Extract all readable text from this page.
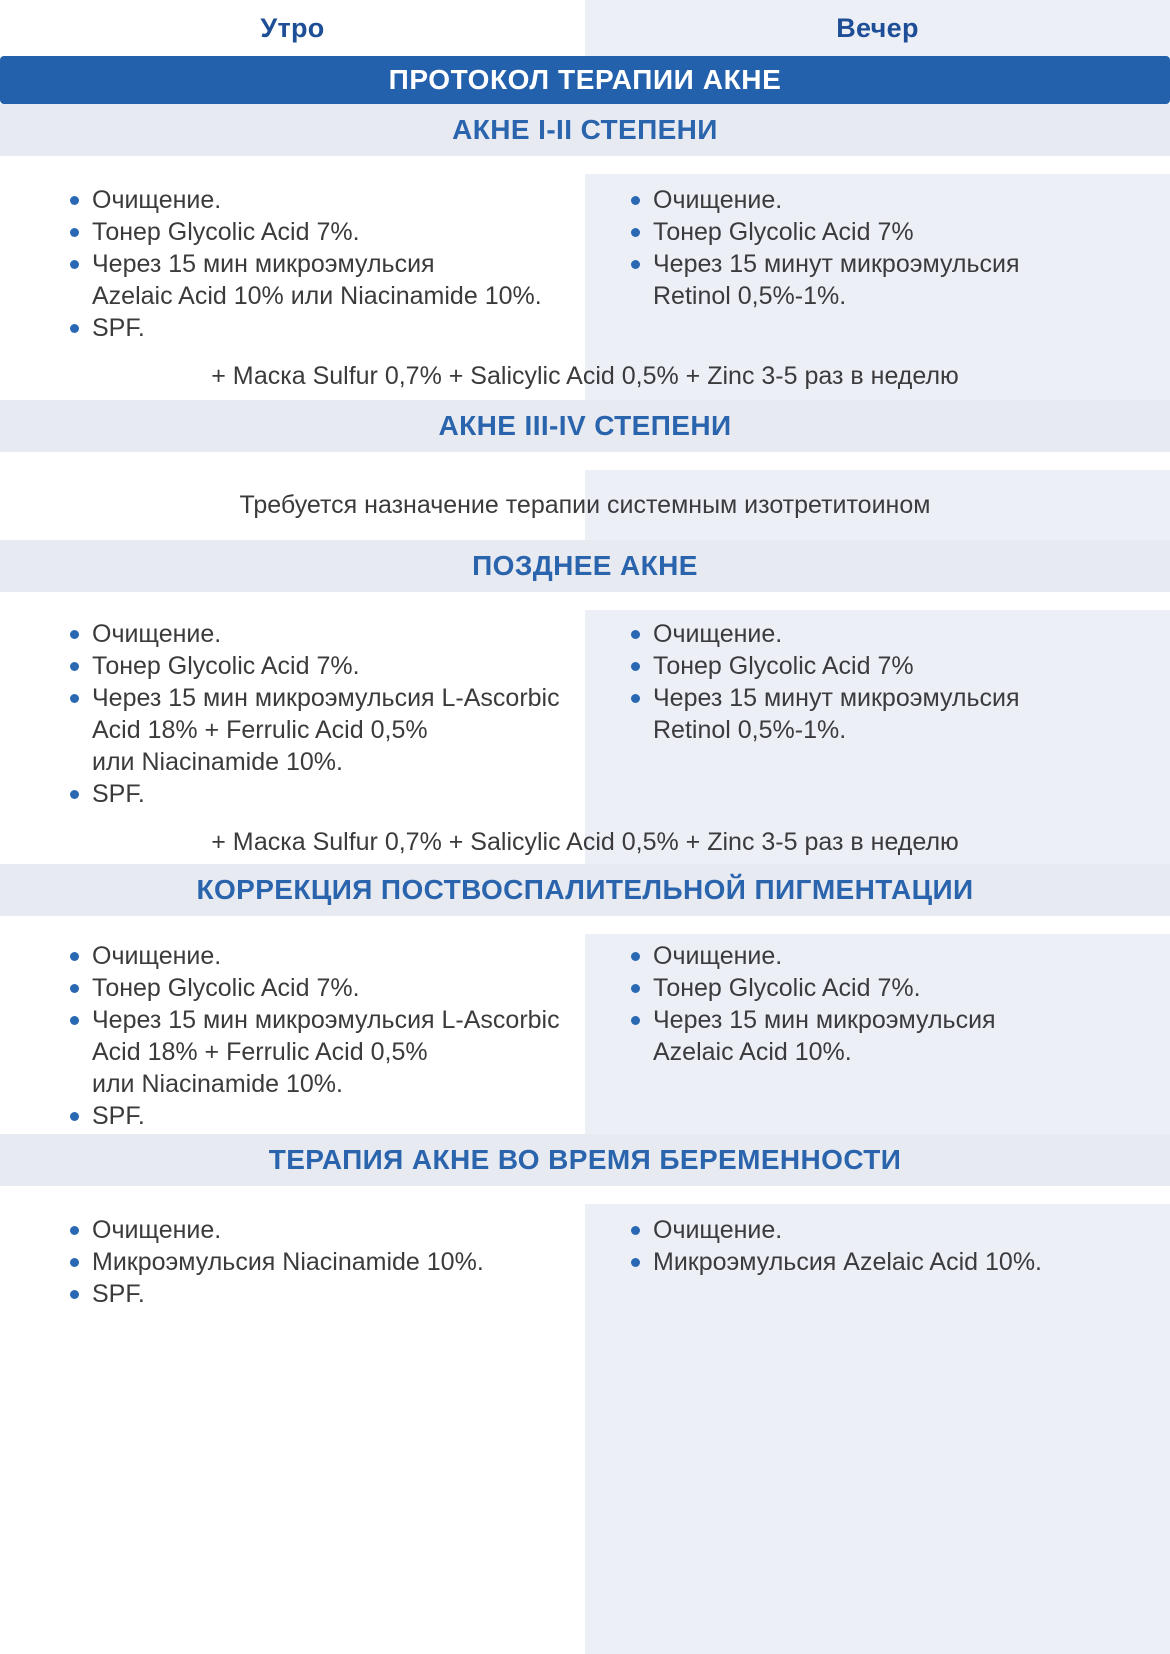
Утро	Вечер
ПРОТОКОЛ ТЕРАПИИ АКНЕ
АКНЕ I-II СТЕПЕНИ
Очищение.
Тонер Glycolic Acid 7%.
Через 15 мин микроэмульсия
Azelaic Acid 10% или Niacinamide 10%.
SPF.
Очищение.
Тонер Glycolic Acid 7%
Через 15 минут микроэмульсия
Retinol 0,5%-1%.
+ Маска Sulfur 0,7% + Salicylic Acid 0,5% + Zinc 3-5 раз в неделю
АКНЕ III-IV СТЕПЕНИ
Требуется назначение терапии системным изотретитоином
ПОЗДНЕЕ АКНЕ
Очищение.
Тонер Glycolic Acid 7%.
Через 15 мин микроэмульсия L-Ascorbic
Acid 18% + Ferrulic Acid 0,5%
или Niacinamide 10%.
SPF.
Очищение.
Тонер Glycolic Acid 7%
Через 15 минут микроэмульсия
Retinol 0,5%-1%.
+ Маска Sulfur 0,7% + Salicylic Acid 0,5% + Zinc 3-5 раз в неделю
КОРРЕКЦИЯ ПОСТВОСПАЛИТЕЛЬНОЙ ПИГМЕНТАЦИИ
Очищение.
Тонер Glycolic Acid 7%.
Через 15 мин микроэмульсия L-Ascorbic
Acid 18% + Ferrulic Acid 0,5%
или Niacinamide 10%.
SPF.
Очищение.
Тонер Glycolic Acid 7%.
Через 15 мин микроэмульсия
Azelaic Acid 10%.
ТЕРАПИЯ АКНЕ ВО ВРЕМЯ БЕРЕМЕННОСТИ
Очищение.
Микроэмульсия Niacinamide 10%.
SPF.
Очищение.
Микроэмульсия Azelaic Acid 10%.
